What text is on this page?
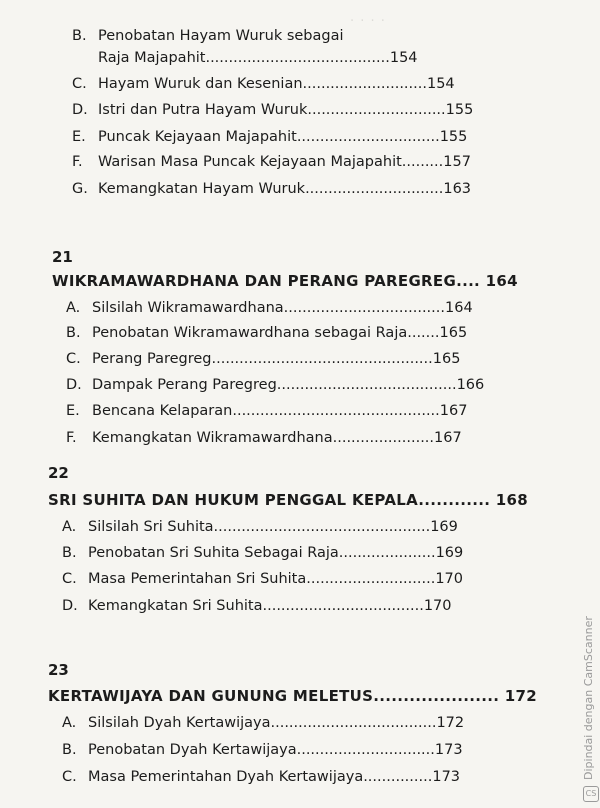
. . . .
B. Penobatan Hayam Wuruk sebagai
Raja Majapahit........................................154
C. Hayam Wuruk dan Kesenian...........................154
D. Istri dan Putra Hayam Wuruk..............................155
E. Puncak Kejayaan Majapahit...............................155
F. Warisan Masa Puncak Kejayaan Majapahit.........157
G. Kemangkatan Hayam Wuruk..............................163
21
WIKRAMAWARDHANA DAN PERANG PAREGREG.... 164
A. Silsilah Wikramawardhana...................................164
B. Penobatan Wikramawardhana sebagai Raja.......165
C. Perang Paregreg................................................165
D. Dampak Perang Paregreg.......................................166
E. Bencana Kelaparan.............................................167
F. Kemangkatan Wikramawardhana......................167
22
SRI SUHITA DAN HUKUM PENGGAL KEPALA............ 168
A. Silsilah Sri Suhita...............................................169
B. Penobatan Sri Suhita Sebagai Raja.....................169
C. Masa Pemerintahan Sri Suhita............................170
D. Kemangkatan Sri Suhita...................................170
23
KERTAWIJAYA DAN GUNUNG MELETUS..................... 172
A. Silsilah Dyah Kertawijaya....................................172
B. Penobatan Dyah Kertawijaya..............................173
C. Masa Pemerintahan Dyah Kertawijaya...............173	Dipindai dengan CamScanner
CS
